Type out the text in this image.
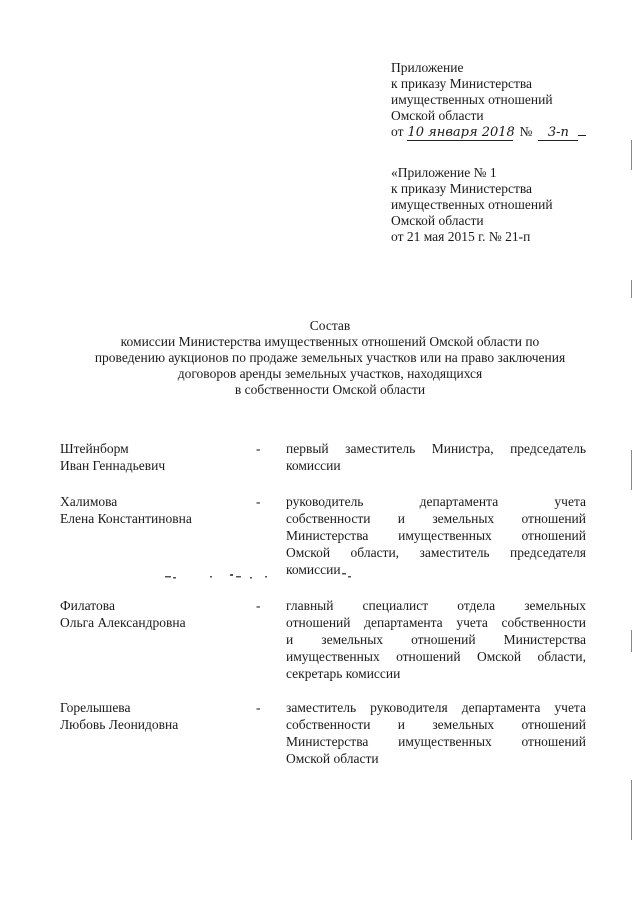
Приложение
к приказу Министерства
имущественных отношений
Омской области
от 10 января 2018 №	3-п
«Приложение № 1
к приказу Министерства
имущественных отношений
Омской области
от 21 мая 2015 г. № 21-п
Состав
комиссии Министерства имущественных отношений Омской области по
проведению аукционов по продаже земельных участков или на право заключения
договоров аренды земельных участков, находящихся
в собственности Омской области
Штейнборм
Иван Геннадьевич
- первый заместитель Министра, председатель
комиссии
Халимова
Елена Константиновна
- руководитель департамента учета
собственности и земельных отношений
Министерства имущественных отношений
Омской области, заместитель председателя
комиссии
Филатова
Ольга Александровна
- главный специалист отдела земельных
отношений департамента учета собственности
и земельных отношений Министерства
имущественных отношений Омской области,
секретарь комиссии
Горелышева
Любовь Леонидовна
- заместитель руководителя департамента учета
собственности и земельных отношений
Министерства имущественных отношений
Омской области
